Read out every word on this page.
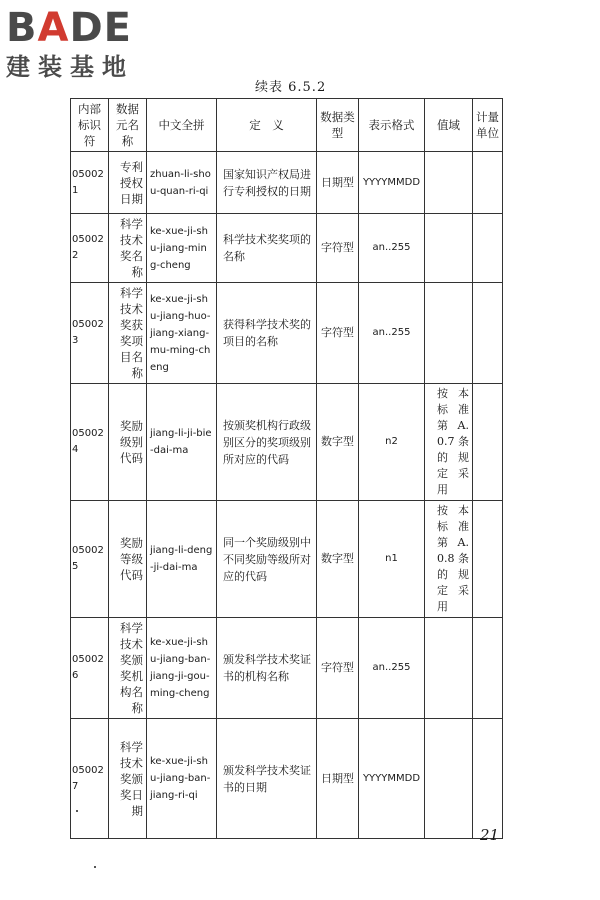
BADE
建装基地
续表 6.5.2
内部标识符	数据元名称	中文全拼	定　义	数据类型	表示格式	值域	计量单位
050021	专利授权日期	zhuan-li-shou-quan-ri-qi	国家知识产权局进行专利授权的日期	日期型	YYYYMMDD		
050022	科学技术奖名称	ke-xue-ji-shu-jiang-ming-cheng	科学技术奖奖项的名称	字符型	an..255		
050023	科学技术奖获奖项目名称	ke-xue-ji-shu-jiang-huo-jiang-xiang-mu-ming-cheng	获得科学技术奖的项目的名称	字符型	an..255		
050024	奖励级别代码	jiang-li-ji-bie-dai-ma	按颁奖机构行政级别区分的奖项级别所对应的代码	数字型	n2	按本标准第A.0.7条的规定采用	
050025	奖励等级代码	jiang-li-deng-ji-dai-ma	同一个奖励级别中不同奖励等级所对应的代码	数字型	n1	按本标准第A.0.8条的规定采用	
050026	科学技术奖颁奖机构名称	ke-xue-ji-shu-jiang-ban-jiang-ji-gou-ming-cheng	颁发科学技术奖证书的机构名称	字符型	an..255		
050027	科学技术奖颁奖日期	ke-xue-ji-shu-jiang-ban-jiang-ri-qi	颁发科学技术奖证书的日期	日期型	YYYYMMDD		
21
